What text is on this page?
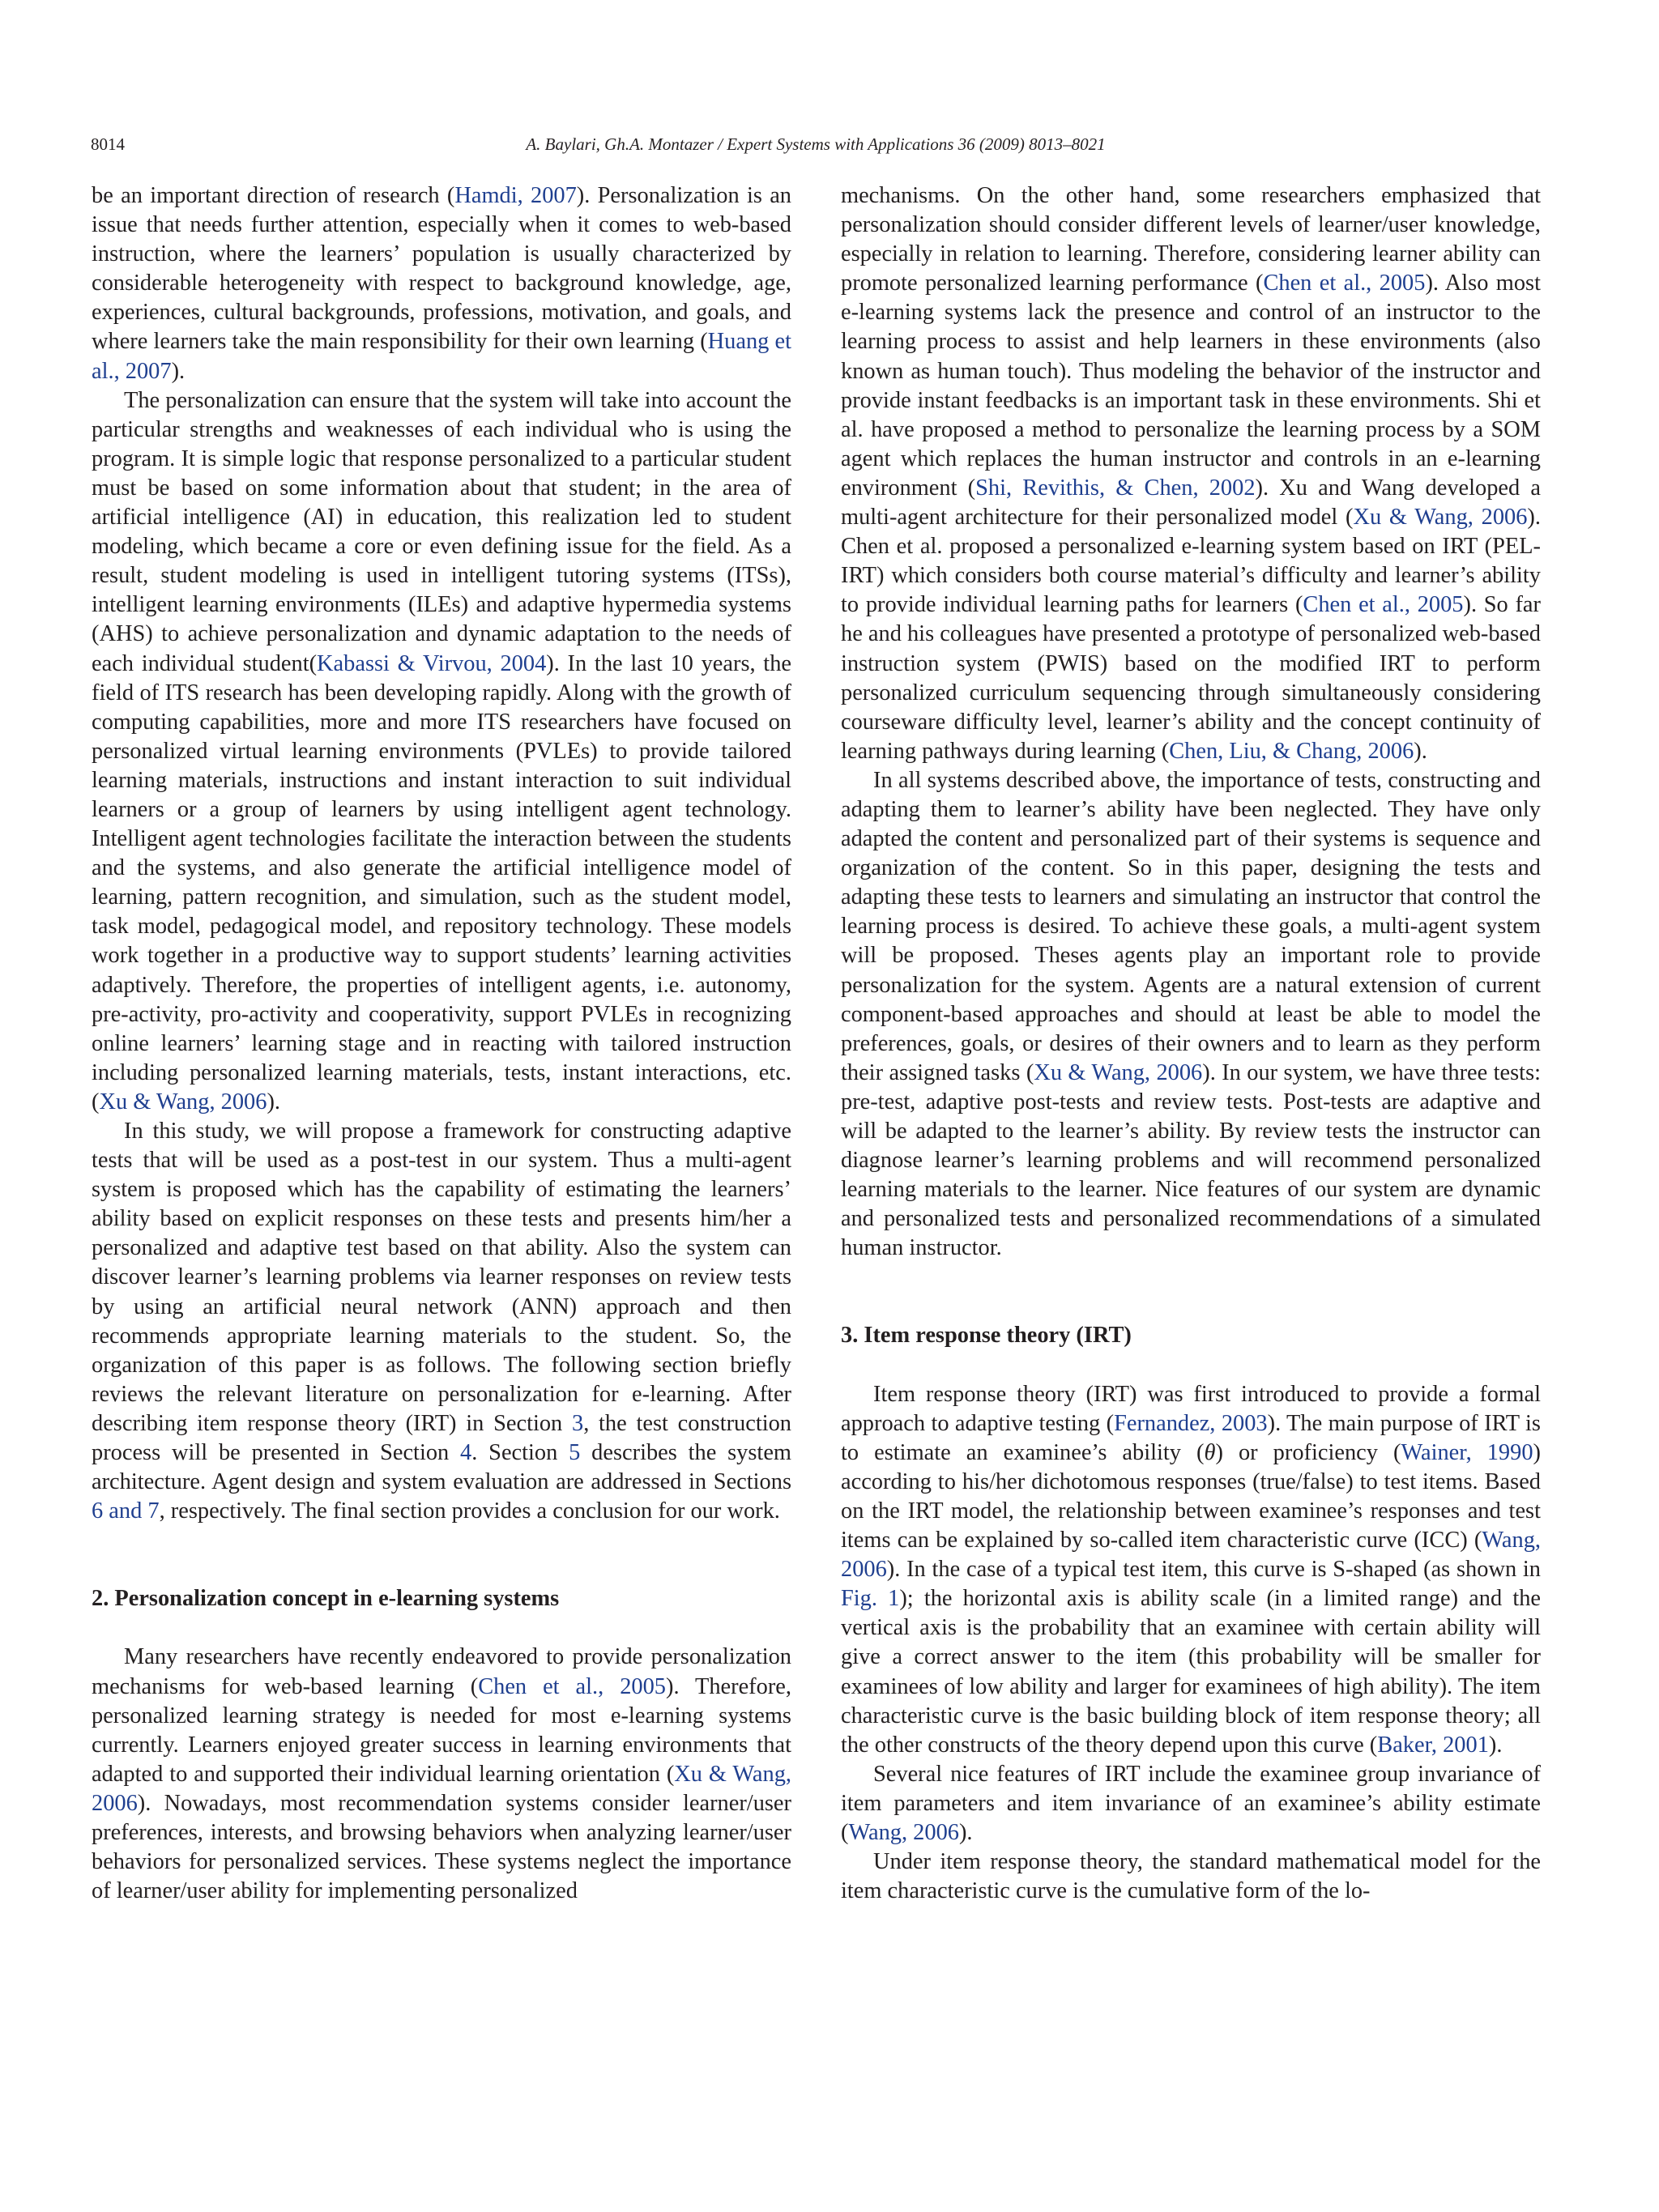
8014	A. Baylari, Gh.A. Montazer / Expert Systems with Applications 36 (2009) 8013–8021

be an important direction of research (Hamdi, 2007). Personalization is an issue that needs further attention, especially when it comes to web-based instruction, where the learners’ population is usually characterized by considerable heterogeneity with respect to background knowledge, age, experiences, cultural backgrounds, professions, motivation, and goals, and where learners take the main responsibility for their own learning (Huang et al., 2007).

The personalization can ensure that the system will take into account the particular strengths and weaknesses of each individual who is using the program. It is simple logic that response personalized to a particular student must be based on some information about that student; in the area of artificial intelligence (AI) in education, this realization led to student modeling, which became a core or even defining issue for the field. As a result, student modeling is used in intelligent tutoring systems (ITSs), intelligent learning environments (ILEs) and adaptive hypermedia systems (AHS) to achieve personalization and dynamic adaptation to the needs of each individual student(Kabassi & Virvou, 2004). In the last 10 years, the field of ITS research has been developing rapidly. Along with the growth of computing capabilities, more and more ITS researchers have focused on personalized virtual learning environments (PVLEs) to provide tailored learning materials, instructions and instant interaction to suit individual learners or a group of learners by using intelligent agent technology. Intelligent agent technologies facilitate the interaction between the students and the systems, and also generate the artificial intelligence model of learning, pattern recognition, and simulation, such as the student model, task model, pedagogical model, and repository technology. These models work together in a productive way to support students’ learning activities adaptively. Therefore, the properties of intelligent agents, i.e. autonomy, pre-activity, pro-activity and cooperativity, support PVLEs in recognizing online learners’ learning stage and in reacting with tailored instruction including personalized learning materials, tests, instant interactions, etc. (Xu & Wang, 2006).

In this study, we will propose a framework for constructing adaptive tests that will be used as a post-test in our system. Thus a multi-agent system is proposed which has the capability of estimating the learners’ ability based on explicit responses on these tests and presents him/her a personalized and adaptive test based on that ability. Also the system can discover learner’s learning problems via learner responses on review tests by using an artificial neural network (ANN) approach and then recommends appropriate learning materials to the student. So, the organization of this paper is as follows. The following section briefly reviews the relevant literature on personalization for e-learning. After describing item response theory (IRT) in Section 3, the test construction process will be presented in Section 4. Section 5 describes the system architecture. Agent design and system evaluation are addressed in Sections 6 and 7, respectively. The final section provides a conclusion for our work.

2. Personalization concept in e-learning systems

Many researchers have recently endeavored to provide personalization mechanisms for web-based learning (Chen et al., 2005). Therefore, personalized learning strategy is needed for most e-learning systems currently. Learners enjoyed greater success in learning environments that adapted to and supported their individual learning orientation (Xu & Wang, 2006). Nowadays, most recommendation systems consider learner/user preferences, interests, and browsing behaviors when analyzing learner/user behaviors for personalized services. These systems neglect the importance of learner/user ability for implementing personalized

mechanisms. On the other hand, some researchers emphasized that personalization should consider different levels of learner/user knowledge, especially in relation to learning. Therefore, considering learner ability can promote personalized learning performance (Chen et al., 2005). Also most e-learning systems lack the presence and control of an instructor to the learning process to assist and help learners in these environments (also known as human touch). Thus modeling the behavior of the instructor and provide instant feedbacks is an important task in these environments. Shi et al. have proposed a method to personalize the learning process by a SOM agent which replaces the human instructor and controls in an e-learning environment (Shi, Revithis, & Chen, 2002). Xu and Wang developed a multi-agent architecture for their personalized model (Xu & Wang, 2006). Chen et al. proposed a personalized e-learning system based on IRT (PEL-IRT) which considers both course material’s difficulty and learner’s ability to provide individual learning paths for learners (Chen et al., 2005). So far he and his colleagues have presented a prototype of personalized web-based instruction system (PWIS) based on the modified IRT to perform personalized curriculum sequencing through simultaneously considering courseware difficulty level, learner’s ability and the concept continuity of learning pathways during learning (Chen, Liu, & Chang, 2006).

In all systems described above, the importance of tests, constructing and adapting them to learner’s ability have been neglected. They have only adapted the content and personalized part of their systems is sequence and organization of the content. So in this paper, designing the tests and adapting these tests to learners and simulating an instructor that control the learning process is desired. To achieve these goals, a multi-agent system will be proposed. Theses agents play an important role to provide personalization for the system. Agents are a natural extension of current component-based approaches and should at least be able to model the preferences, goals, or desires of their owners and to learn as they perform their assigned tasks (Xu & Wang, 2006). In our system, we have three tests: pre-test, adaptive post-tests and review tests. Post-tests are adaptive and will be adapted to the learner’s ability. By review tests the instructor can diagnose learner’s learning problems and will recommend personalized learning materials to the learner. Nice features of our system are dynamic and personalized tests and personalized recommendations of a simulated human instructor.

3. Item response theory (IRT)

Item response theory (IRT) was first introduced to provide a formal approach to adaptive testing (Fernandez, 2003). The main purpose of IRT is to estimate an examinee’s ability (θ) or proficiency (Wainer, 1990) according to his/her dichotomous responses (true/false) to test items. Based on the IRT model, the relationship between examinee’s responses and test items can be explained by so-called item characteristic curve (ICC) (Wang, 2006). In the case of a typical test item, this curve is S-shaped (as shown in Fig. 1); the horizontal axis is ability scale (in a limited range) and the vertical axis is the probability that an examinee with certain ability will give a correct answer to the item (this probability will be smaller for examinees of low ability and larger for examinees of high ability). The item characteristic curve is the basic building block of item response theory; all the other constructs of the theory depend upon this curve (Baker, 2001).

Several nice features of IRT include the examinee group invariance of item parameters and item invariance of an examinee’s ability estimate (Wang, 2006).

Under item response theory, the standard mathematical model for the item characteristic curve is the cumulative form of the lo-
